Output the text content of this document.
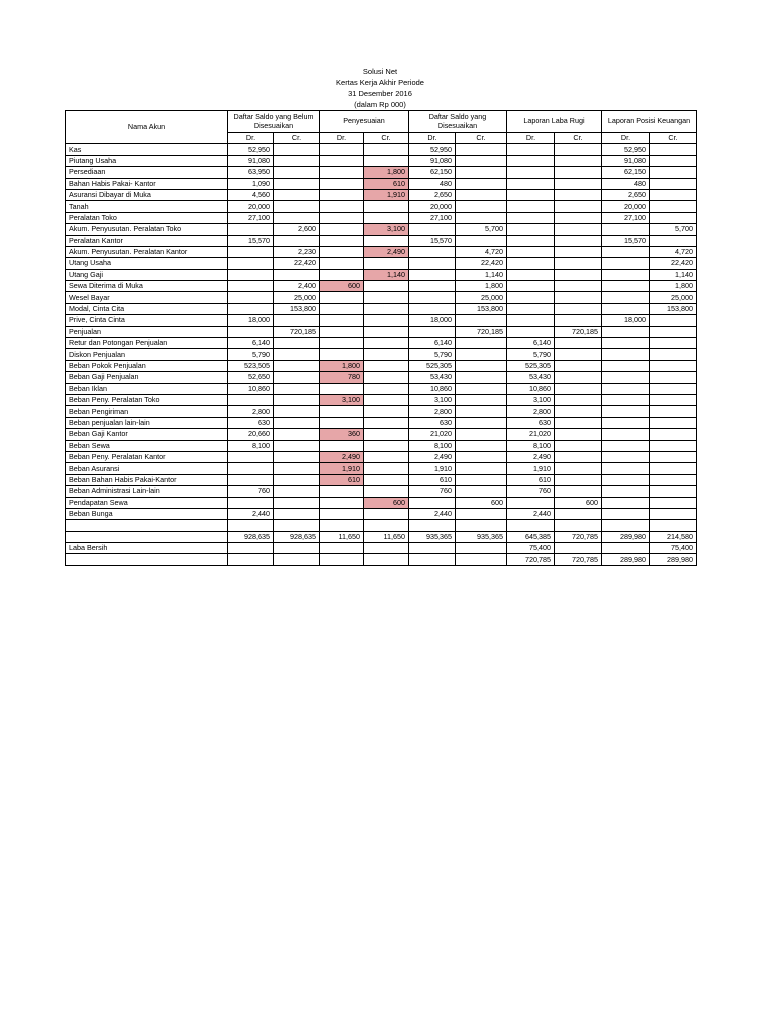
Solusi Net
Kertas Kerja Akhir Periode
31 Desember 2016
(dalam Rp 000)
Nama Akun	Daftar Saldo yang Belum Disesuaikan		Penyesuaian		Daftar Saldo yang Disesuaikan		Laporan Laba Rugi		Laporan Posisi Keuangan	
	Dr.	Cr.	Dr.	Cr.	Dr.	Cr.	Dr.	Cr.	Dr.	Cr.
Kas	52,950				52,950				52,950	
Piutang Usaha	91,080				91,080				91,080	
Persediaan	63,950			1,800	62,150				62,150	
Bahan Habis Pakai- Kantor	1,090			610	480				480	
Asuransi Dibayar di Muka	4,560			1,910	2,650				2,650	
Tanah	20,000				20,000				20,000	
Peralatan Toko	27,100				27,100				27,100	
Akum. Penyusutan. Peralatan Toko		2,600		3,100		5,700				5,700
Peralatan Kantor	15,570				15,570				15,570	
Akum. Penyusutan. Peralatan Kantor		2,230		2,490		4,720				4,720
Utang Usaha		22,420				22,420				22,420
Utang Gaji				1,140		1,140				1,140
Sewa Diterima di Muka		2,400	600			1,800				1,800
Wesel Bayar		25,000				25,000				25,000
Modal, Cinta Cita		153,800				153,800				153,800
Prive, Cinta Cinta	18,000				18,000				18,000	
Penjualan		720,185				720,185		720,185		
Retur dan Potongan Penjualan	6,140				6,140		6,140			
Diskon Penjualan	5,790				5,790		5,790			
Beban Pokok Penjualan	523,505		1,800		525,305		525,305			
Beban Gaji Penjualan	52,650		780		53,430		53,430			
Beban Iklan	10,860				10,860		10,860			
Beban Peny. Peralatan Toko			3,100		3,100		3,100			
Beban Pengiriman	2,800				2,800		2,800			
Beban penjualan lain-lain	630				630		630			
Beban Gaji Kantor	20,660		360		21,020		21,020			
Beban Sewa	8,100				8,100		8,100			
Beban Peny. Peralatan Kantor			2,490		2,490		2,490			
Beban Asuransi			1,910		1,910		1,910			
Beban Bahan Habis Pakai-Kantor			610		610		610			
Beban Administrasi Lain-lain	760				760		760			
Pendapatan Sewa				600		600		600		
Beban Bunga	2,440				2,440		2,440			

	928,635	928,635	11,650	11,650	935,365	935,365	645,385	720,785	289,980	214,580
Laba Bersih							75,400			75,400
							720,785	720,785	289,980	289,980
